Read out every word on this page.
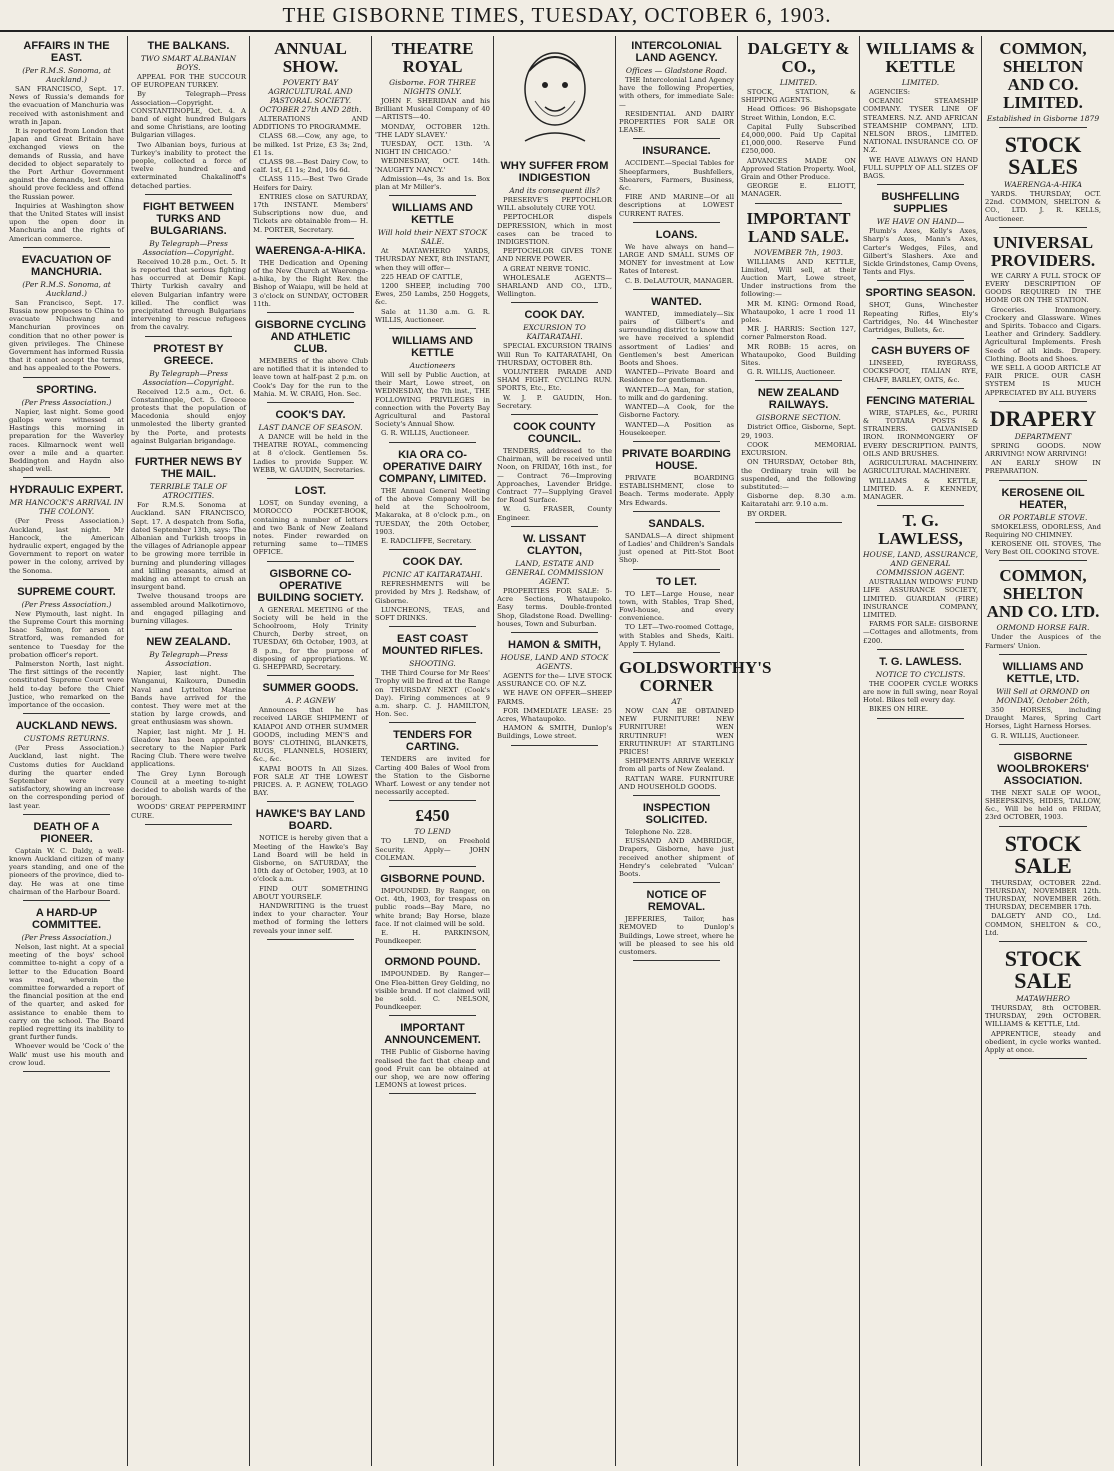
THE GISBORNE TIMES, TUESDAY, OCTOBER 6, 1903.
AFFAIRS IN THE EAST.
(Per R.M.S. Sonoma, at Auckland.)
SAN FRANCISCO, Sept. 17. News of Russia's demands for the evacuation of Manchuria was received with astonishment and wrath in Japan.
It is reported from London that Japan and Great Britain have exchanged views on the demands of Russia, and have decided to object separately to the Port Arthur Government against the demands, lest China should prove feckless and offend the Russian power.
Inquiries at Washington show that the United States will insist upon the open door in Manchuria and the rights of American commerce.
EVACUATION OF MANCHURIA.
(Per R.M.S. Sonoma, at Auckland.)
San Francisco, Sept. 17. Russia now proposes to China to evacuate Niuchwang and Manchurian provinces on condition that no other power is given privileges. The Chinese Government has informed Russia that it cannot accept the terms, and has appealed to the Powers.
SPORTING.
(Per Press Association.)
Napier, last night. Some good gallops were witnessed at Hastings this morning in preparation for the Waverley races. Kilmarnock went well over a mile and a quarter. Beddington and Haydn also shaped well.
HYDRAULIC EXPERT.
MR HANCOCK'S ARRIVAL IN THE COLONY.
(Per Press Association.) Auckland, last night. Mr Hancock, the American hydraulic expert, engaged by the Government to report on water power in the colony, arrived by the Sonoma.
SUPREME COURT.
(Per Press Association.)
New Plymouth, last night. In the Supreme Court this morning Isaac Salmon, for arson at Stratford, was remanded for sentence to Tuesday for the probation officer's report.
Palmerston North, last night. The first sittings of the recently constituted Supreme Court were held to-day before the Chief Justice, who remarked on the importance of the occasion.
AUCKLAND NEWS.
CUSTOMS RETURNS.
(Per Press Association.) Auckland, last night. The Customs duties for Auckland during the quarter ended September were very satisfactory, showing an increase on the corresponding period of last year.
DEATH OF A PIONEER.
Captain W. C. Daldy, a well-known Auckland citizen of many years standing, and one of the pioneers of the province, died to-day. He was at one time chairman of the Harbour Board.
A HARD-UP COMMITTEE.
(Per Press Association.)
Nelson, last night. At a special meeting of the boys' school committee to-night a copy of a letter to the Education Board was read, wherein the committee forwarded a report of the financial position at the end of the quarter, and asked for assistance to enable them to carry on the school. The Board replied regretting its inability to grant further funds.
Whoever would be 'Cock o' the Walk' must use his mouth and crow loud.
THE BALKANS.
TWO SMART ALBANIAN BOYS.
APPEAL FOR THE SUCCOUR OF EUROPEAN TURKEY.
By Telegraph—Press Association—Copyright. CONSTANTINOPLE, Oct. 4. A band of eight hundred Bulgars and some Christians, are looting Bulgarian villages.
Two Albanian boys, furious at Turkey's inability to protect the people, collected a force of twelve hundred and exterminated Chakalinoff's detached parties.
FIGHT BETWEEN TURKS AND BULGARIANS.
By Telegraph—Press Association—Copyright.
Received 10.28 p.m., Oct. 5. It is reported that serious fighting has occurred at Demir Kapi. Thirty Turkish cavalry and eleven Bulgarian infantry were killed. The conflict was precipitated through Bulgarians intervening to rescue refugees from the cavalry.
PROTEST BY GREECE.
By Telegraph—Press Association—Copyright.
Received 12.5 a.m., Oct. 6. Constantinople, Oct. 5. Greece protests that the population of Macedonia should enjoy unmolested the liberty granted by the Porte, and protests against Bulgarian brigandage.
FURTHER NEWS BY THE MAIL.
TERRIBLE TALE OF ATROCITIES.
For R.M.S. Sonoma at Auckland. SAN FRANCISCO, Sept. 17. A despatch from Sofia, dated September 13th, says: The Albanian and Turkish troops in the villages of Adrianople appear to be growing more terrible in burning and plundering villages and killing peasants, aimed at making an attempt to crush an insurgent band.
Twelve thousand troops are assembled around Malkotirnovo, and engaged pillaging and burning villages.
NEW ZEALAND.
By Telegraph—Press Association.
Napier, last night. The Wanganui, Kaikoura, Dunedin Naval and Lyttelton Marine Bands have arrived for the contest. They were met at the station by large crowds, and great enthusiasm was shown.
Napier, last night. Mr J. H. Gleadow has been appointed secretary to the Napier Park Racing Club. There were twelve applications.
The Grey Lynn Borough Council at a meeting to-night decided to abolish wards of the borough.
WOODS' GREAT PEPPERMINT CURE.
ANNUAL SHOW.
POVERTY BAY AGRICULTURAL AND PASTORAL SOCIETY. OCTOBER 27th AND 28th.
ALTERATIONS AND ADDITIONS TO PROGRAMME.
CLASS 68.—Cow, any age, to be milked. 1st Prize, £3 3s; 2nd, £1 1s.
CLASS 98.—Best Dairy Cow, to calf. 1st, £1 1s; 2nd, 10s 6d.
CLASS 115.—Best Two Grade Heifers for Dairy.
ENTRIES close on SATURDAY, 17th INSTANT. Members' Subscriptions now due, and Tickets are obtainable from— H. M. PORTER, Secretary.
WAERENGA-A-HIKA.
THE Dedication and Opening of the New Church at Waerenga-a-hika, by the Right Rev. the Bishop of Waiapu, will be held at 3 o'clock on SUNDAY, OCTOBER 11th.
GISBORNE CYCLING AND ATHLETIC CLUB.
MEMBERS of the above Club are notified that it is intended to leave town at half-past 2 p.m. on Cook's Day for the run to the Mahia. M. W. CRAIG, Hon. Sec.
COOK'S DAY.
LAST DANCE OF SEASON.
A DANCE will be held in the THEATRE ROYAL, commencing at 8 o'clock. Gentlemen 5s. Ladies to provide Supper. W. WEBB, W. GAUDIN, Secretaries.
LOST.
LOST, on Sunday evening, a MOROCCO POCKET-BOOK, containing a number of letters and two Bank of New Zealand notes. Finder rewarded on returning same to—TIMES OFFICE.
GISBORNE CO-OPERATIVE BUILDING SOCIETY.
A GENERAL MEETING of the Society will be held in the Schoolroom, Holy Trinity Church, Derby street, on TUESDAY, 6th October, 1903, at 8 p.m., for the purpose of disposing of appropriations. W. G. SHEPPARD, Secretary.
SUMMER GOODS.
A. P. AGNEW
Announces that he has received LARGE SHIPMENT of KAIAPOI AND OTHER SUMMER GOODS, including MEN'S and BOYS' CLOTHING, BLANKETS, RUGS, FLANNELS, HOSIERY, &c., &c.
KAPAI BOOTS In All Sizes. FOR SALE AT THE LOWEST PRICES. A. P. AGNEW, TOLAGO BAY.
HAWKE'S BAY LAND BOARD.
NOTICE is hereby given that a Meeting of the Hawke's Bay Land Board will be held in Gisborne, on SATURDAY, the 10th day of October, 1903, at 10 o'clock a.m.
FIND OUT SOMETHING ABOUT YOURSELF.
HANDWRITING is the truest index to your character. Your method of forming the letters reveals your inner self.
THEATRE ROYAL
Gisborne. FOR THREE NIGHTS ONLY.
JOHN F. SHERIDAN and his Brilliant Musical Company of 40—ARTISTS—40.
MONDAY, OCTOBER 12th. 'THE LADY SLAVEY.'
TUESDAY, OCT. 13th. 'A NIGHT IN CHICAGO.'
WEDNESDAY, OCT. 14th. 'NAUGHTY NANCY.'
Admission—4s, 3s and 1s. Box plan at Mr Miller's.
WILLIAMS AND KETTLE
Will hold their NEXT STOCK SALE.
At MATAWHERO YARDS, THURSDAY NEXT, 8th INSTANT, when they will offer—
225 HEAD OF CATTLE,
1200 SHEEP, including 700 Ewes, 250 Lambs, 250 Hoggets, &c.
Sale at 11.30 a.m. G. R. WILLIS, Auctioneer.
WILLIAMS AND KETTLE
Auctioneers
Will sell by Public Auction, at their Mart, Lowe street, on WEDNESDAY, the 7th inst., THE FOLLOWING PRIVILEGES in connection with the Poverty Bay Agricultural and Pastoral Society's Annual Show.
G. R. WILLIS, Auctioneer.
KIA ORA CO-OPERATIVE DAIRY COMPANY, LIMITED.
THE Annual General Meeting of the above Company will be held at the Schoolroom, Makaraka, at 8 o'clock p.m., on TUESDAY, the 20th October, 1903.
E. RADCLIFFE, Secretary.
COOK DAY.
PICNIC AT KAITARATAHI.
REFRESHMENTS will be provided by Mrs J. Redshaw, of Gisborne.
LUNCHEONS, TEAS, and SOFT DRINKS.
EAST COAST MOUNTED RIFLES.
SHOOTING.
THE Third Course for Mr Rees' Trophy will be fired at the Range on THURSDAY NEXT (Cook's Day). Firing commences at 9 a.m. sharp. C. J. HAMILTON, Hon. Sec.
TENDERS FOR CARTING.
TENDERS are invited for Carting 400 Bales of Wool from the Station to the Gisborne Wharf. Lowest or any tender not necessarily accepted.
£450
TO LEND
TO LEND, on Freehold Security. Apply— JOHN COLEMAN.
GISBORNE POUND.
IMPOUNDED. By Ranger, on Oct. 4th, 1903, for trespass on public roads—Bay Mare, no white brand; Bay Horse, blaze face. If not claimed will be sold.
E. H. PARKINSON, Poundkeeper.
ORMOND POUND.
IMPOUNDED. By Ranger— One Flea-bitten Grey Gelding, no visible brand. If not claimed will be sold. C. NELSON, Poundkeeper.
IMPORTANT ANNOUNCEMENT.
THE Public of Gisborne having realised the fact that cheap and good Fruit can be obtained at our shop, we are now offering LEMONS at lowest prices.
WHY SUFFER FROM INDIGESTION
And its consequent ills?
PRESERVE'S PEPTOCHLOR WILL absolutely CURE YOU.
PEPTOCHLOR dispels DEPRESSION, which in most cases can be traced to INDIGESTION.
PEPTOCHLOR GIVES TONE AND NERVE POWER.
A GREAT NERVE TONIC.
WHOLESALE AGENTS— SHARLAND AND CO., LTD., Wellington.
COOK DAY.
EXCURSION TO KAITARATAHI.
SPECIAL EXCURSION TRAINS Will Run To KAITARATAHI, On THURSDAY, OCTOBER 8th.
VOLUNTEER PARADE AND SHAM FIGHT. CYCLING RUN. SPORTS, Etc., Etc.
W. J. P. GAUDIN, Hon. Secretary.
COOK COUNTY COUNCIL.
TENDERS, addressed to the Chairman, will be received until Noon, on FRIDAY, 16th inst., for— Contract 76—Improving Approaches, Lavender Bridge. Contract 77—Supplying Gravel for Road Surface.
W. G. FRASER, County Engineer.
W. LISSANT CLAYTON,
LAND, ESTATE AND GENERAL COMMISSION AGENT.
PROPERTIES FOR SALE: 5-Acre Sections, Whataupoko. Easy terms. Double-fronted Shop, Gladstone Road. Dwelling-houses, Town and Suburban.
HAMON & SMITH,
HOUSE, LAND AND STOCK AGENTS.
AGENTS for the— LIVE STOCK ASSURANCE CO. OF N.Z.
WE HAVE ON OFFER—SHEEP FARMS.
FOR IMMEDIATE LEASE: 25 Acres, Whataupoko.
HAMON & SMITH, Dunlop's Buildings, Lowe street.
INTERCOLONIAL LAND AGENCY.
Offices — Gladstone Road.
THE Intercolonial Land Agency have the following Properties, with others, for immediate Sale:—
RESIDENTIAL AND DAIRY PROPERTIES FOR SALE OR LEASE.
INSURANCE.
ACCIDENT.—Special Tables for Sheepfarmers, Bushfellers, Shearers, Farmers, Business, &c.
FIRE AND MARINE—Of all descriptions at LOWEST CURRENT RATES.
LOANS.
We have always on hand—LARGE AND SMALL SUMS OF MONEY for investment at Low Rates of Interest.
C. B. DeLAUTOUR, MANAGER.
WANTED.
WANTED, immediately—Six pairs of Gilbert's and surrounding district to know that we have received a splendid assortment of Ladies' and Gentlemen's best American Boots and Shoes.
WANTED—Private Board and Residence for gentleman.
WANTED—A Man, for station, to milk and do gardening.
WANTED—A Cook, for the Gisborne Factory.
WANTED—A Position as Housekeeper.
PRIVATE BOARDING HOUSE.
PRIVATE BOARDING ESTABLISHMENT, close to Beach. Terms moderate. Apply Mrs Edwards.
SANDALS.
SANDALS—A direct shipment of Ladies' and Children's Sandals just opened at Pitt-Stot Boot Shop.
TO LET.
TO LET—Large House, near town, with Stables, Trap Shed, Fowl-house, and every convenience.
TO LET—Two-roomed Cottage, with Stables and Sheds, Kaiti. Apply T. Hyland.
GOLDSWORTHY'S CORNER
AT
NOW CAN BE OBTAINED NEW FURNITURE! NEW FURNITURE! WEN RRUTINRUF! WEN ERRUTINRUF! AT STARTLING PRICES!
SHIPMENTS ARRIVE WEEKLY from all parts of New Zealand.
RATTAN WARE. FURNITURE AND HOUSEHOLD GOODS.
INSPECTION SOLICITED.
Telephone No. 228.
EUSSAND AND AMBRIDGE, Drapers, Gisborne, have just received another shipment of Hendry's celebrated 'Vulcan' Boots.
NOTICE OF REMOVAL.
JEFFERIES, Tailor, has REMOVED to Dunlop's Buildings, Lowe street, where he will be pleased to see his old customers.
DALGETY & CO.,
LIMITED.
STOCK, STATION, & SHIPPING AGENTS.
Head Offices: 96 Bishopsgate Street Within, London, E.C.
Capital Fully Subscribed £4,000,000. Paid Up Capital £1,000,000. Reserve Fund £250,000.
ADVANCES MADE ON Approved Station Property. Wool, Grain and Other Produce.
GEORGE E. ELIOTT, MANAGER.
IMPORTANT LAND SALE.
NOVEMBER 7th, 1903.
WILLIAMS AND KETTLE, Limited, Will sell, at their Auction Mart, Lowe street, Under instructions from the following:—
MR M. KING: Ormond Road, Whataupoko, 1 acre 1 rood 11 poles.
MR J. HARRIS: Section 127, corner Palmerston Road.
MR ROBB: 15 acres, on Whataupoko, Good Building Sites.
G. R. WILLIS, Auctioneer.
NEW ZEALAND RAILWAYS.
GISBORNE SECTION.
District Office, Gisborne, Sept. 29, 1903.
COOK MEMORIAL EXCURSION.
ON THURSDAY, October 8th, the Ordinary train will be suspended, and the following substituted:—
Gisborne dep. 8.30 a.m. Kaitaratahi arr. 9.10 a.m.
BY ORDER.
WILLIAMS & KETTLE
LIMITED.
AGENCIES:
OCEANIC STEAMSHIP COMPANY. TYSER LINE OF STEAMERS. N.Z. AND AFRICAN STEAMSHIP COMPANY, LTD. NELSON BROS., LIMITED. NATIONAL INSURANCE CO. OF N.Z.
WE HAVE ALWAYS ON HAND FULL SUPPLY OF ALL SIZES OF BAGS.
BUSHFELLING SUPPLIES
WE HAVE ON HAND—
Plumb's Axes, Kelly's Axes, Sharp's Axes, Mann's Axes, Carter's Wedges, Files, and Gilbert's Slashers. Axe and Sickle Grindstones, Camp Ovens, Tents and Flys.
SPORTING SEASON.
SHOT, Guns, Winchester Repeating Rifles, Ely's Cartridges, No. 44 Winchester Cartridges, Bullets, &c.
CASH BUYERS OF
LINSEED, RYEGRASS, COCKSFOOT, ITALIAN RYE, CHAFF, BARLEY, OATS, &c.
FENCING MATERIAL
WIRE, STAPLES, &c., PURIRI & TOTARA POSTS & STRAINERS. GALVANISED IRON. IRONMONGERY OF EVERY DESCRIPTION. PAINTS, OILS AND BRUSHES.
AGRICULTURAL MACHINERY. AGRICULTURAL MACHINERY.
WILLIAMS & KETTLE, LIMITED. A. F. KENNEDY, MANAGER.
T. G. LAWLESS,
HOUSE, LAND, ASSURANCE, AND GENERAL COMMISSION AGENT.
AUSTRALIAN WIDOWS' FUND LIFE ASSURANCE SOCIETY, LIMITED. GUARDIAN (FIRE) INSURANCE COMPANY, LIMITED.
FARMS FOR SALE: GISBORNE—Cottages and allotments, from £200.
T. G. LAWLESS.
NOTICE TO CYCLISTS.
THE COOPER CYCLE WORKS are now in full swing, near Royal Hotel. Bikes tell every day.
BIKES ON HIRE.
COMMON, SHELTON AND CO. LIMITED.
Established in Gisborne 1879
STOCK SALES
WAERENGA-A-HIKA
YARDS. THURSDAY, OCT. 22nd. COMMON, SHELTON & CO., LTD. J. R. KELLS, Auctioneer.
UNIVERSAL PROVIDERS.
WE CARRY A FULL STOCK OF EVERY DESCRIPTION OF GOODS REQUIRED IN THE HOME OR ON THE STATION.
Groceries. Ironmongery. Crockery and Glassware. Wines and Spirits. Tobacco and Cigars. Leather and Grindery. Saddlery. Agricultural Implements. Fresh Seeds of all kinds. Drapery. Clothing. Boots and Shoes.
WE SELL A GOOD ARTICLE AT FAIR PRICE. OUR CASH SYSTEM IS MUCH APPRECIATED BY ALL BUYERS
DRAPERY
DEPARTMENT
SPRING GOODS. NOW ARRIVING! NOW ARRIVING!
AN EARLY SHOW IN PREPARATION.
KEROSENE OIL HEATER,
OR PORTABLE STOVE.
SMOKELESS, ODORLESS, And Requiring NO CHIMNEY.
KEROSENE OIL STOVES, The Very Best OIL COOKING STOVE.
COMMON, SHELTON AND CO. LTD.
ORMOND HORSE FAIR.
Under the Auspices of the Farmers' Union.
WILLIAMS AND KETTLE, LTD.
Will Sell at ORMOND on MONDAY, October 26th,
350 HORSES, including Draught Mares, Spring Cart Horses, Light Harness Horses.
G. R. WILLIS, Auctioneer.
GISBORNE WOOLBROKERS' ASSOCIATION.
THE NEXT SALE OF WOOL, SHEEPSKINS, HIDES, TALLOW, &c., Will be held on FRIDAY, 23rd OCTOBER, 1903.
STOCK SALE
THURSDAY, OCTOBER 22nd. THURSDAY, NOVEMBER 12th. THURSDAY, NOVEMBER 26th. THURSDAY, DECEMBER 17th.
DALGETY AND CO., Ltd. COMMON, SHELTON & CO., Ltd.
STOCK SALE
MATAWHERO
THURSDAY, 8th OCTOBER. THURSDAY, 29th OCTOBER. WILLIAMS & KETTLE, Ltd.
APPRENTICE, steady and obedient, in cycle works wanted. Apply at once.
